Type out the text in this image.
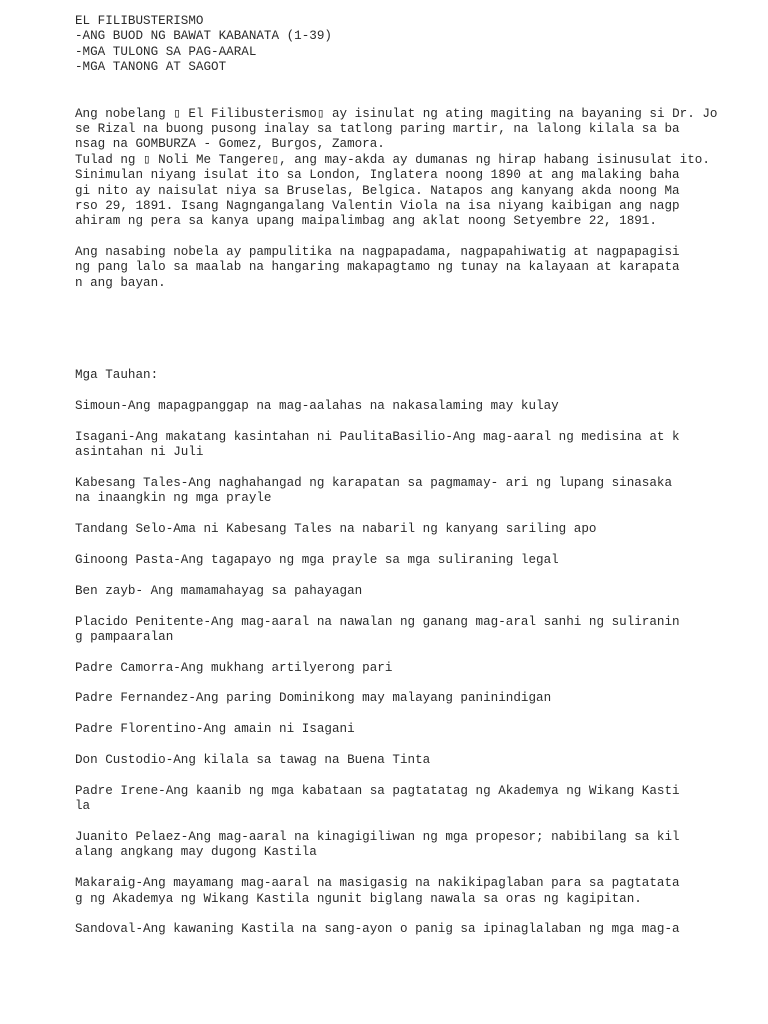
EL FILIBUSTERISMO
-ANG BUOD NG BAWAT KABANATA (1-39)
-MGA TULONG SA PAG-AARAL
-MGA TANONG AT SAGOT
Ang nobelang ▯ El Filibusterismo▯ ay isinulat ng ating magiting na bayaning si Dr. Jo
se Rizal na buong pusong inalay sa tatlong paring martir, na lalong kilala sa ba
nsag na GOMBURZA - Gomez, Burgos, Zamora.
Tulad ng ▯ Noli Me Tangere▯, ang may-akda ay dumanas ng hirap habang isinusulat ito.
Sinimulan niyang isulat ito sa London, Inglatera noong 1890 at ang malaking baha
gi nito ay naisulat niya sa Bruselas, Belgica. Natapos ang kanyang akda noong Ma
rso 29, 1891. Isang Nagngangalang Valentin Viola na isa niyang kaibigan ang nagp
ahiram ng pera sa kanya upang maipalimbag ang aklat noong Setyembre 22, 1891.
Ang nasabing nobela ay pampulitika na nagpapadama, nagpapahiwatig at nagpapagisi
ng pang lalo sa maalab na hangaring makapagtamo ng tunay na kalayaan at karapata
n ang bayan.
Mga Tauhan:
Simoun-Ang mapagpanggap na mag-aalahas na nakasalaming may kulay
Isagani-Ang makatang kasintahan ni PaulitaBasilio-Ang mag-aaral ng medisina at k
asintahan ni Juli
Kabesang Tales-Ang naghahangad ng karapatan sa pagmamay- ari ng lupang sinasaka
na inaangkin ng mga prayle
Tandang Selo-Ama ni Kabesang Tales na nabaril ng kanyang sariling apo
Ginoong Pasta-Ang tagapayo ng mga prayle sa mga suliraning legal
Ben zayb- Ang mamamahayag sa pahayagan
Placido Penitente-Ang mag-aaral na nawalan ng ganang mag-aral sanhi ng suliranin
g pampaaralan
Padre Camorra-Ang mukhang artilyerong pari
Padre Fernandez-Ang paring Dominikong may malayang paninindigan
Padre Florentino-Ang amain ni Isagani
Don Custodio-Ang kilala sa tawag na Buena Tinta
Padre Irene-Ang kaanib ng mga kabataan sa pagtatatag ng Akademya ng Wikang Kasti
la
Juanito Pelaez-Ang mag-aaral na kinagigiliwan ng mga propesor; nabibilang sa kil
alang angkang may dugong Kastila
Makaraig-Ang mayamang mag-aaral na masigasig na nakikipaglaban para sa pagtatata
g ng Akademya ng Wikang Kastila ngunit biglang nawala sa oras ng kagipitan.
Sandoval-Ang kawaning Kastila na sang-ayon o panig sa ipinaglalaban ng mga mag-a
